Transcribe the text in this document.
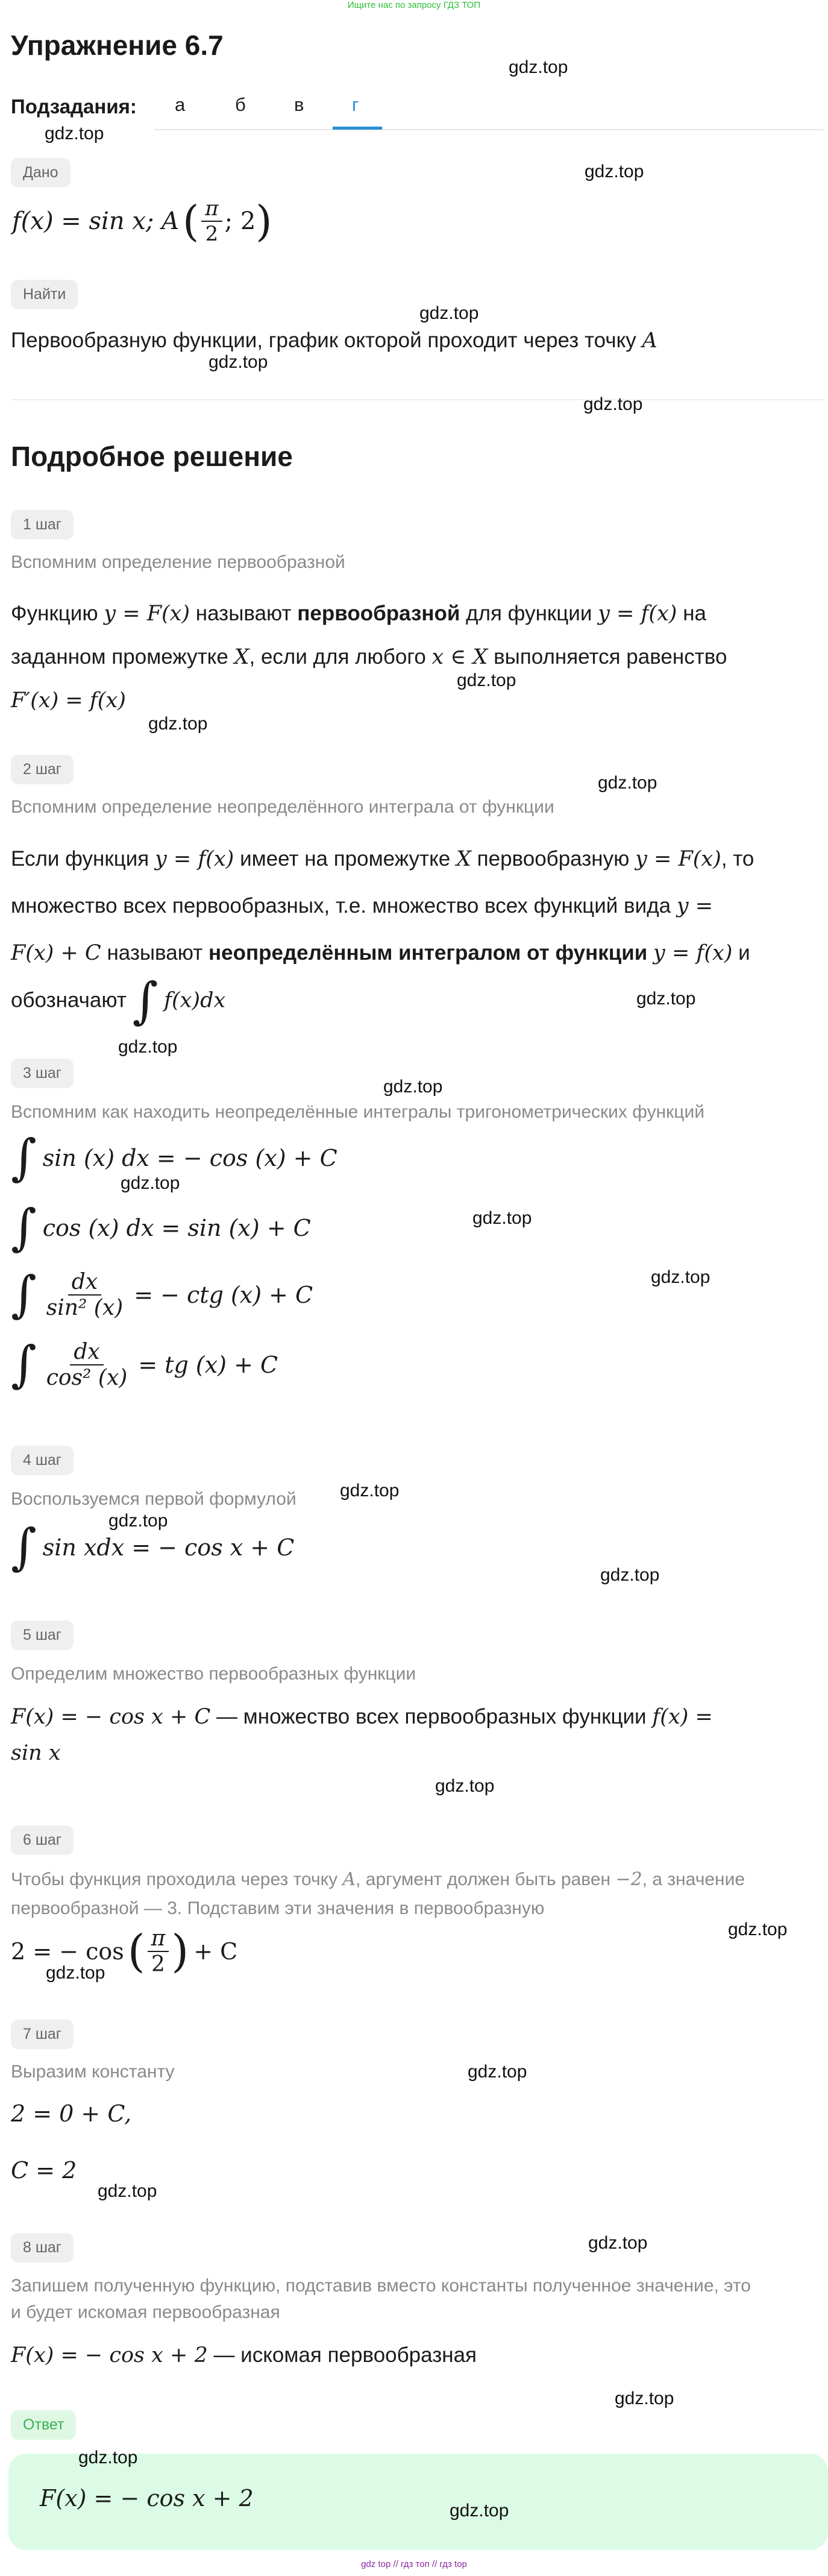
Ищите нас по запросу ГДЗ ТОП
Упражнение 6.7
gdz.top
Подзадания: а	б	в	г
gdz.top
Дано	gdz.top
f(x) = sin x; A ( $\frac{\pi}{2}$ ; 2 )
Найти
gdz.top
Первообразную функции, график окторой проходит через точку A
gdz.top
gdz.top
Подробное решение
1 шаг
Вспомним определение первообразной
Функцию y = F(x) называют первообразной для функции y = f(x) на
заданном промежутке X, если для любого x ∈ X выполняется равенство
F′(x) = f(x)
gdz.top
gdz.top
2 шаг
gdz.top
Вспомним определение неопределённого интеграла от функции
Если функция y = f(x) имеет на промежутке X первообразную y = F(x), то
множество всех первообразных, т.е. множество всех функций вида y =
F(x) + C называют неопределённым интегралом от функции y = f(x) и
обозначают ∫ f(x)dx	gdz.top
gdz.top
3 шаг
gdz.top
Вспомним как находить неопределённые интегралы тригонометрических функций
∫ sin (x) dx = − cos (x) + C
gdz.top
∫ cos (x) dx = sin (x) + C	gdz.top
gdz.top
∫ $\frac{dx}{\text{sin² (x)}}$ = − ctg (x) + C
∫ $\frac{dx}{\text{cos² (x)}}$ = tg (x) + C
4 шаг
gdz.top
Воспользуемся первой формулой
gdz.top
∫ sin xdx = − cos x + C
gdz.top
5 шаг
Определим множество первообразных функции
F(x) = − cos x + C — множество всех первообразных функции f(x) =
sin x
gdz.top
6 шаг
Чтобы функция проходила через точку A, аргумент должен быть равен −2, а значение
первообразной — 3. Подставим эти значения в первообразную
gdz.top
2 = − cos ( $\frac{\pi}{2}$ ) + C
gdz.top
7 шаг
Выразим константу	gdz.top
2 = 0 + C,
C = 2
gdz.top
8 шаг	gdz.top
Запишем полученную функцию, подставив вместо константы полученное значение, это
и будет искомая первообразная
F(x) = − cos x + 2 — искомая первообразная
gdz.top
Ответ
gdz.top
F(x) = − cos x + 2	gdz.top
gdz top // гдз топ // гдз top
